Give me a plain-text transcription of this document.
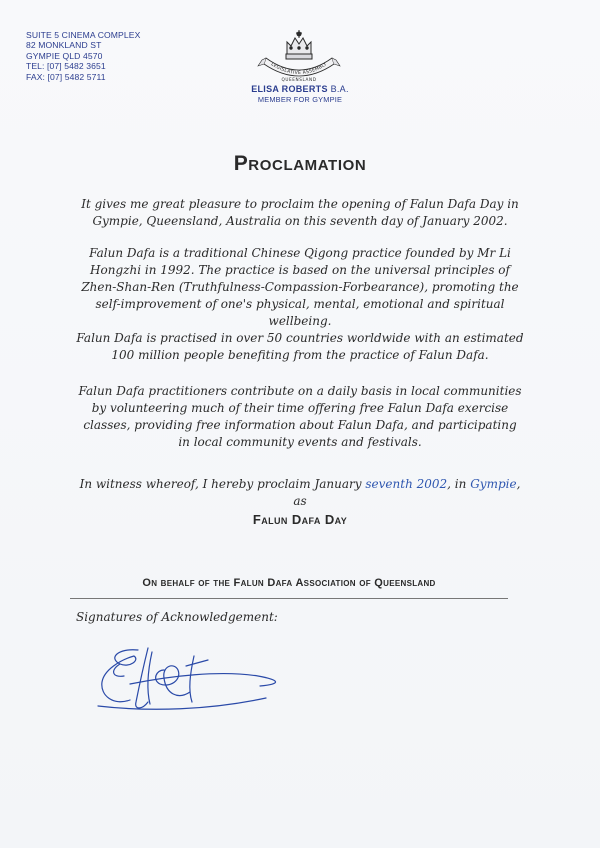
SUITE 5 CINEMA COMPLEX
82 MONKLAND ST
GYMPIE QLD 4570
TEL: [07] 5482 3651
FAX: [07] 5482 5711
LEGISLATIVE ASSEMBLY
QUEENSLAND
ELISA ROBERTS B.A.
MEMBER FOR GYMPIE
Proclamation
It gives me great pleasure to proclaim the opening of Falun Dafa Day in Gympie, Queensland, Australia on this seventh day of January 2002.
Falun Dafa is a traditional Chinese Qigong practice founded by Mr Li Hongzhi in 1992. The practice is based on the universal principles of Zhen-Shan-Ren (Truthfulness-Compassion-Forbearance), promoting the self-improvement of one's physical, mental, emotional and spiritual wellbeing.
Falun Dafa is practised in over 50 countries worldwide with an estimated 100 million people benefiting from the practice of Falun Dafa.
Falun Dafa practitioners contribute on a daily basis in local communities by volunteering much of their time offering free Falun Dafa exercise classes, providing free information about Falun Dafa, and participating in local community events and festivals.
In witness whereof, I hereby proclaim January seventh 2002, in Gympie, as
Falun Dafa Day
On behalf of the Falun Dafa Association of Queensland
Signatures of Acknowledgement:
